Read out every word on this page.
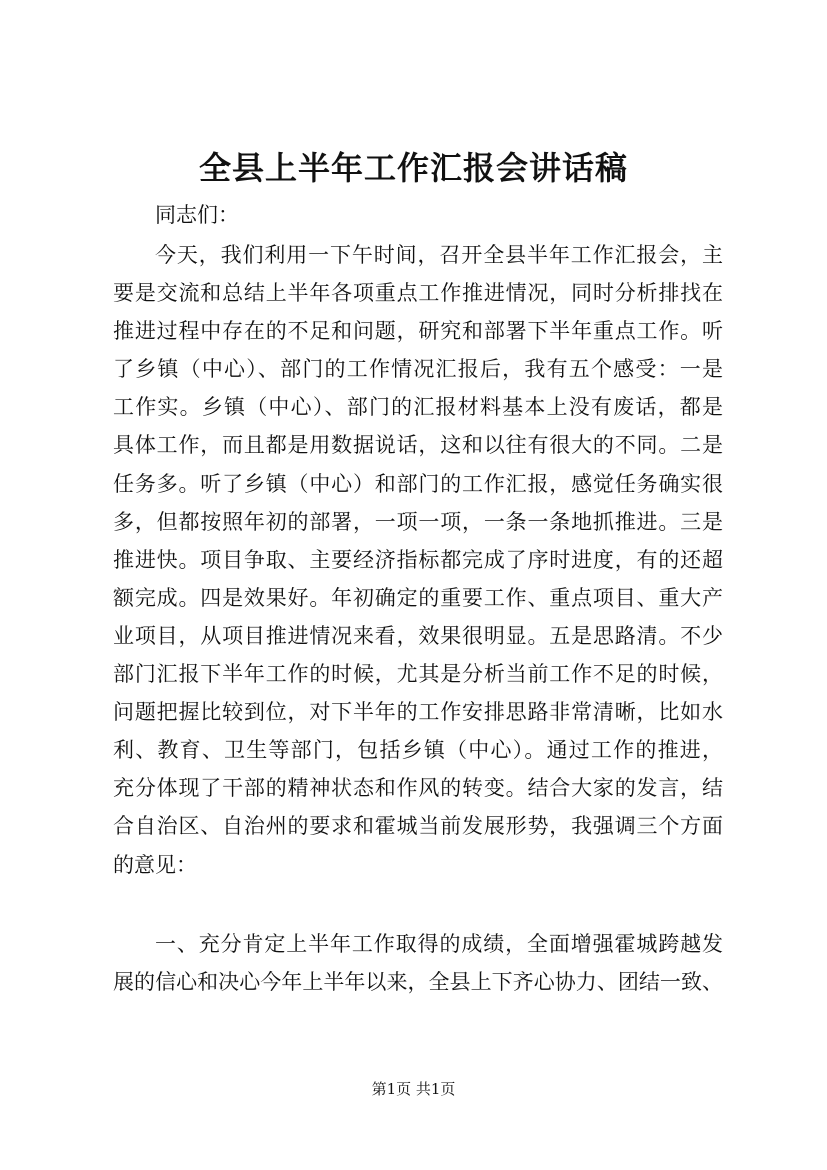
全县上半年工作汇报会讲话稿
同志们：
今天，我们利用一下午时间，召开全县半年工作汇报会，主
要是交流和总结上半年各项重点工作推进情况，同时分析排找在
推进过程中存在的不足和问题，研究和部署下半年重点工作。听
了乡镇（中心）、部门的工作情况汇报后，我有五个感受：一是
工作实。乡镇（中心）、部门的汇报材料基本上没有废话，都是
具体工作，而且都是用数据说话，这和以往有很大的不同。二是
任务多。听了乡镇（中心）和部门的工作汇报，感觉任务确实很
多，但都按照年初的部署，一项一项，一条一条地抓推进。三是
推进快。项目争取、主要经济指标都完成了序时进度，有的还超
额完成。四是效果好。年初确定的重要工作、重点项目、重大产
业项目，从项目推进情况来看，效果很明显。五是思路清。不少
部门汇报下半年工作的时候，尤其是分析当前工作不足的时候，
问题把握比较到位，对下半年的工作安排思路非常清晰，比如水
利、教育、卫生等部门，包括乡镇（中心）。通过工作的推进，
充分体现了干部的精神状态和作风的转变。结合大家的发言，结
合自治区、自治州的要求和霍城当前发展形势，我强调三个方面
的意见：
一、充分肯定上半年工作取得的成绩，全面增强霍城跨越发
展的信心和决心今年上半年以来，全县上下齐心协力、团结一致、
第1页 共1页
